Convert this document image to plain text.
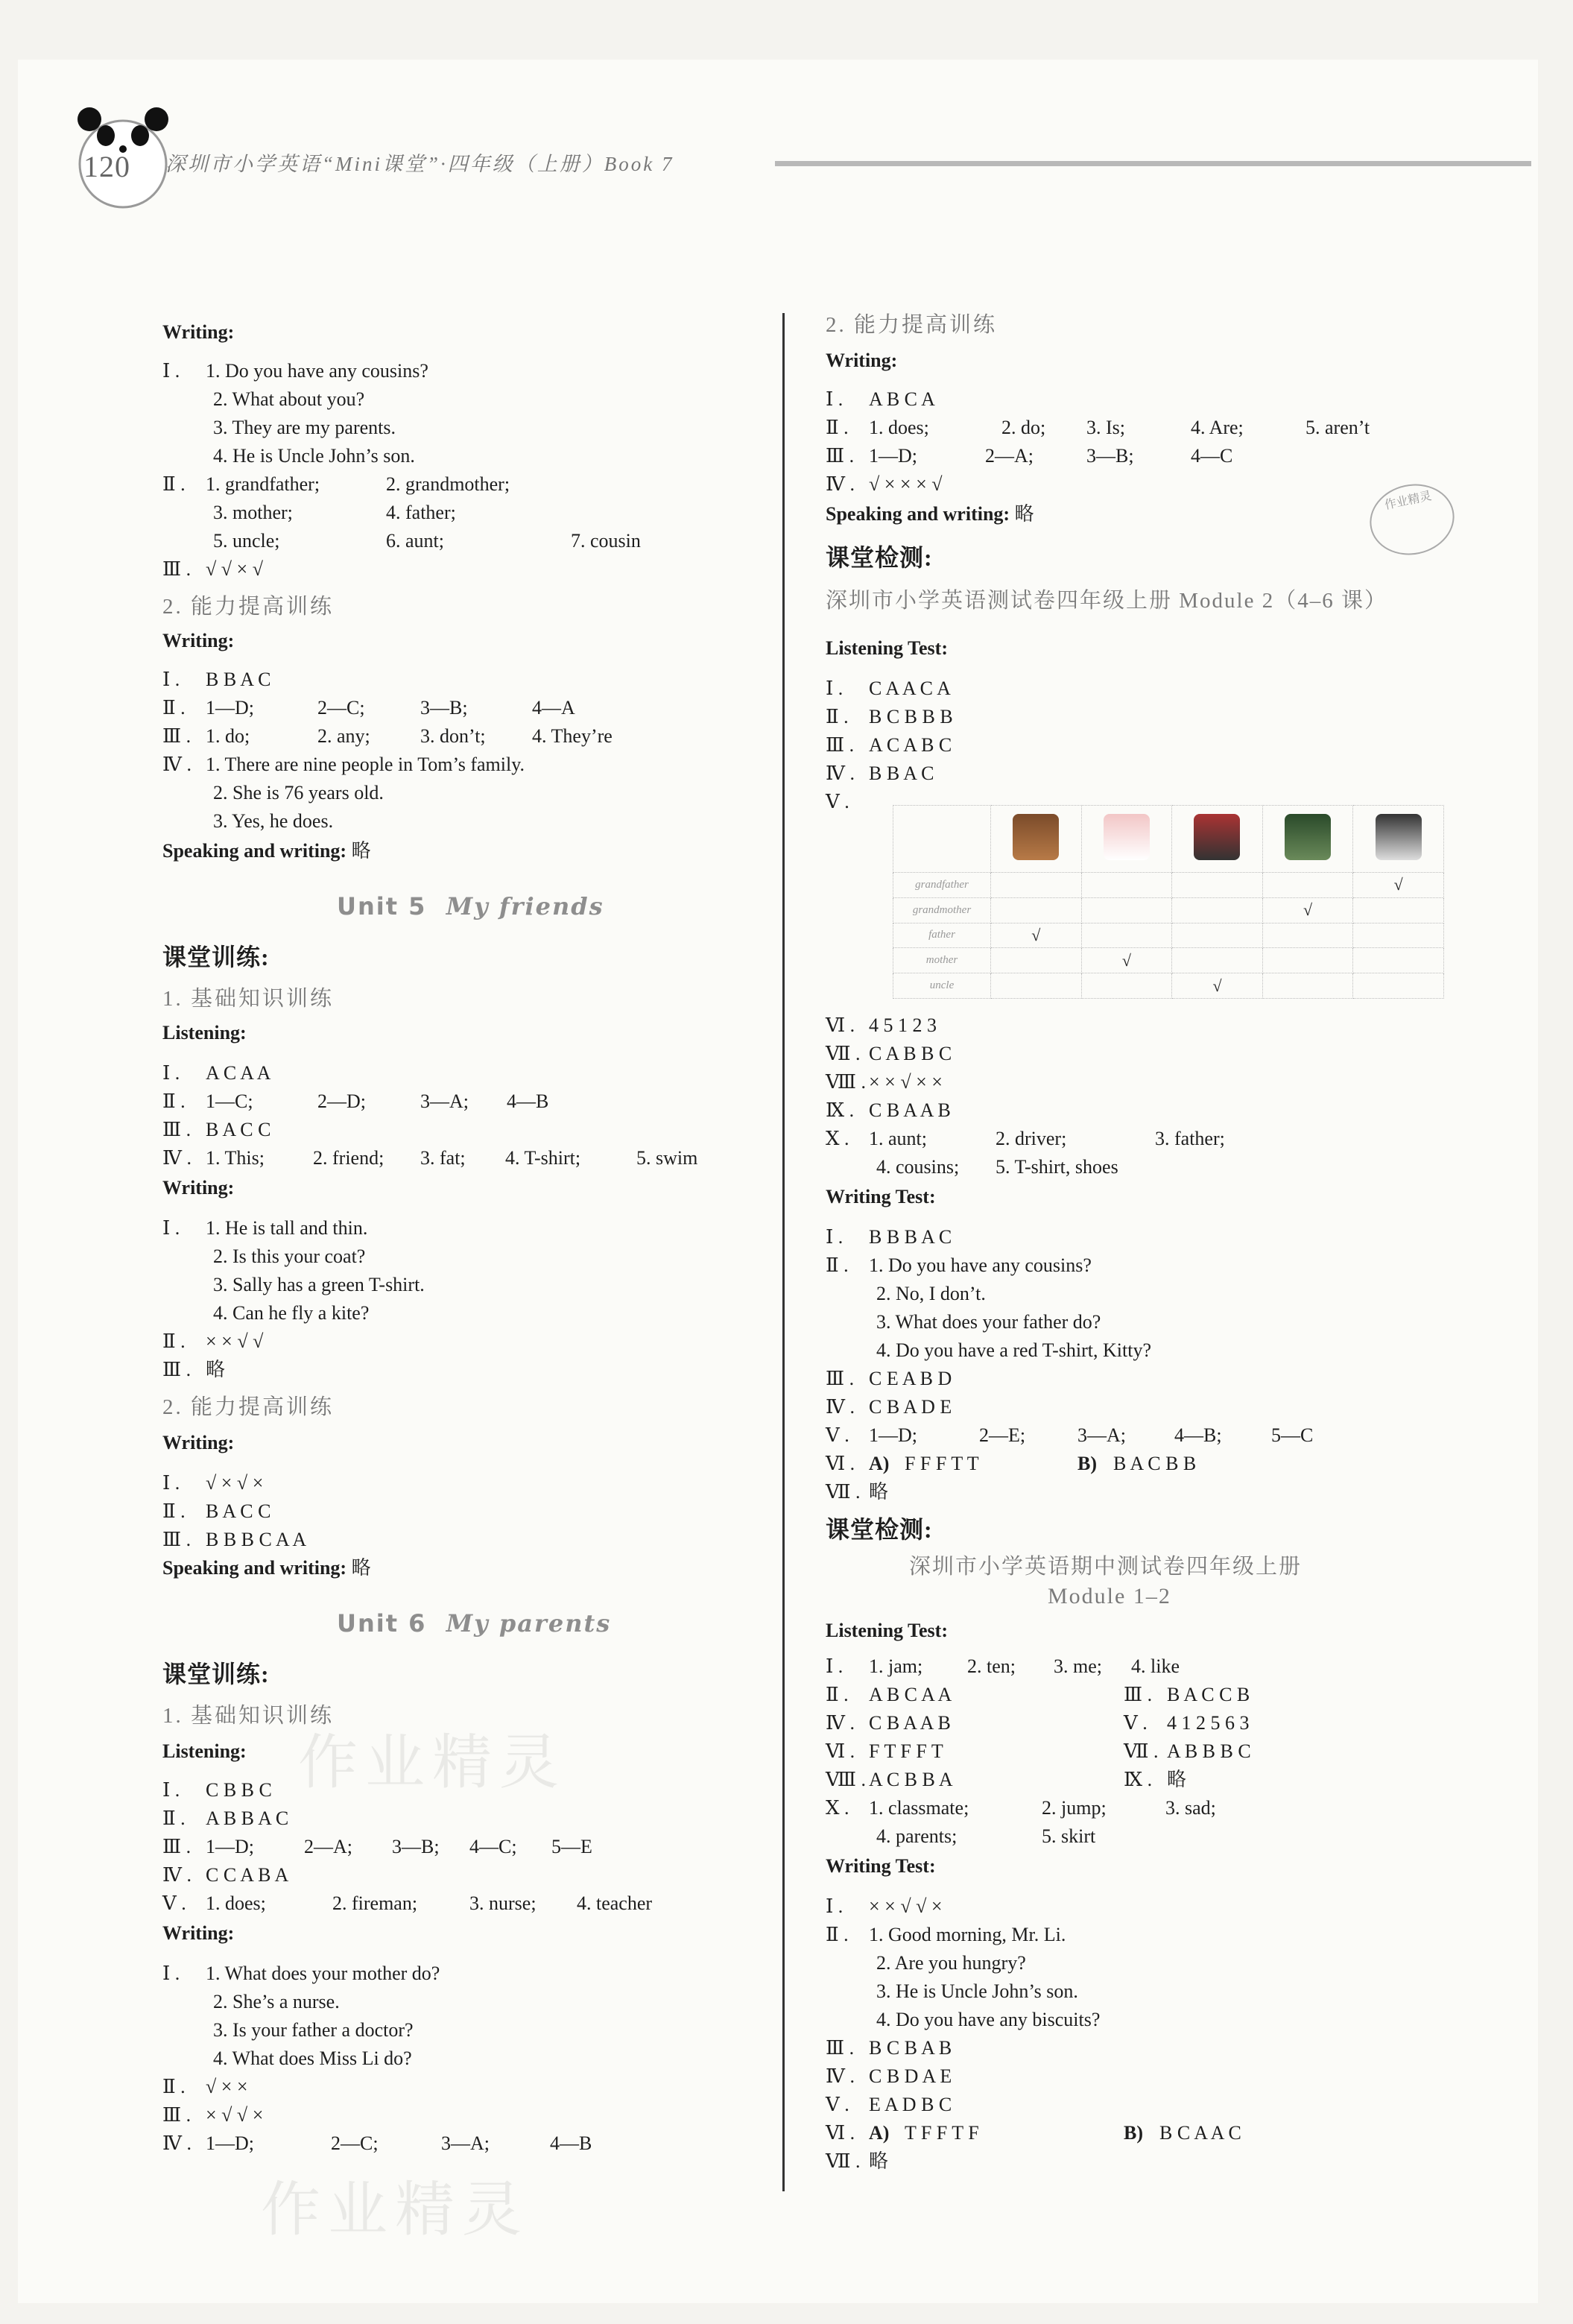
120 深圳市小学英语“Mini课堂”·四年级（上册）Book 7
Writing:
Ⅰ . 1. Do you have any cousins?
2. What about you?
3. They are my parents.
4. He is Uncle John’s son.
Ⅱ . 1. grandfather;	2. grandmother;
3. mother;	4. father;
5. uncle;	6. aunt;	7. cousin
Ⅲ . √ √ × √
2. 能力提高训练
Writing:
Ⅰ . B B A C
Ⅱ . 1—D;	2—C;	3—B;	4—A
Ⅲ . 1. do;	2. any;	3. don’t; 4. They’re
Ⅳ . 1. There are nine people in Tom’s family.
2. She is 76 years old.
3. Yes, he does.
Speaking and writing: 略
Unit 5 My friends
课堂训练:
1. 基础知识训练
Listening:
Ⅰ . A C A A
Ⅱ . 1—C;	2—D;	3—A; 4—B
Ⅲ . B A C C
Ⅳ . 1. This;	2. friend; 3. fat; 4. T-shirt;	5. swim
Writing:
Ⅰ . 1. He is tall and thin.
2. Is this your coat?
3. Sally has a green T-shirt.
4. Can he fly a kite?
Ⅱ . × × √ √
Ⅲ . 略
2. 能力提高训练
Writing:
Ⅰ . √ × √ ×
Ⅱ . B A C C
Ⅲ . B B B C A A
Speaking and writing: 略
Unit 6 My parents
课堂训练:
1. 基础知识训练
Listening:
Ⅰ . C B B C
Ⅱ . A B B A C
Ⅲ . 1—D;	2—A; 3—B; 4—C; 5—E
Ⅳ . C C A B A
Ⅴ . 1. does;	2. fireman;	3. nurse; 4. teacher
Writing:
Ⅰ . 1. What does your mother do?
2. She’s a nurse.
3. Is your father a doctor?
4. What does Miss Li do?
Ⅱ . √ × ×
Ⅲ . × √ √ ×
Ⅳ . 1—D;	2—C;	3—A;	4—B
2. 能力提高训练
Writing:
Ⅰ . A B C A
Ⅱ . 1. does;	2. do; 3. Is;	4. Are;	5. aren’t
Ⅲ . 1—D;	2—A;	3—B;	4—C
Ⅳ . √ × × × √
Speaking and writing: 略
课堂检测:
深圳市小学英语测试卷四年级上册 Module 2（4–6 课）
Listening Test:
Ⅰ . C A A C A
Ⅱ . B C B B B
Ⅲ . A C A B C
Ⅳ . B B A C
Ⅴ .

grandfather					√
grandmother				√	
father	√				
mother		√			
uncle			√		
Ⅵ . 4 5 1 2 3
Ⅶ . C A B B C
Ⅷ . × × √ × ×
Ⅸ . C B A A B
Ⅹ . 1. aunt;	2. driver;	3. father;
4. cousins; 5. T-shirt, shoes
Writing Test:
Ⅰ . B B B A C
Ⅱ . 1. Do you have any cousins?
2. No, I don’t.
3. What does your father do?
4. Do you have a red T-shirt, Kitty?
Ⅲ . C E A B D
Ⅳ . C B A D E
Ⅴ . 1—D;	2—E;	3—A;	4—B;	5—C
Ⅵ . A) F F F T T	B) B A C B B
Ⅶ . 略
课堂检测:
深圳市小学英语期中测试卷四年级上册
Module 1–2
Listening Test:
Ⅰ . 1. jam; 2. ten; 3. me; 4. like
Ⅱ . A B C A A	Ⅲ . B A C C B
Ⅳ . C B A A B	Ⅴ . 4 1 2 5 6 3
Ⅵ . F T F F T	Ⅶ . A B B B C
Ⅷ . A C B B A	Ⅸ . 略
Ⅹ . 1. classmate;	2. jump;	3. sad;
4. parents;	5. skirt
Writing Test:
Ⅰ . × × √ √ ×
Ⅱ . 1. Good morning, Mr. Li.
2. Are you hungry?
3. He is Uncle John’s son.
4. Do you have any biscuits?
Ⅲ . B C B A B
Ⅳ . C B D A E
Ⅴ . E A D B C
Ⅵ . A) T F F T F	B) B C A A C
Ⅶ . 略
作业精灵
作业精灵
作业精灵
